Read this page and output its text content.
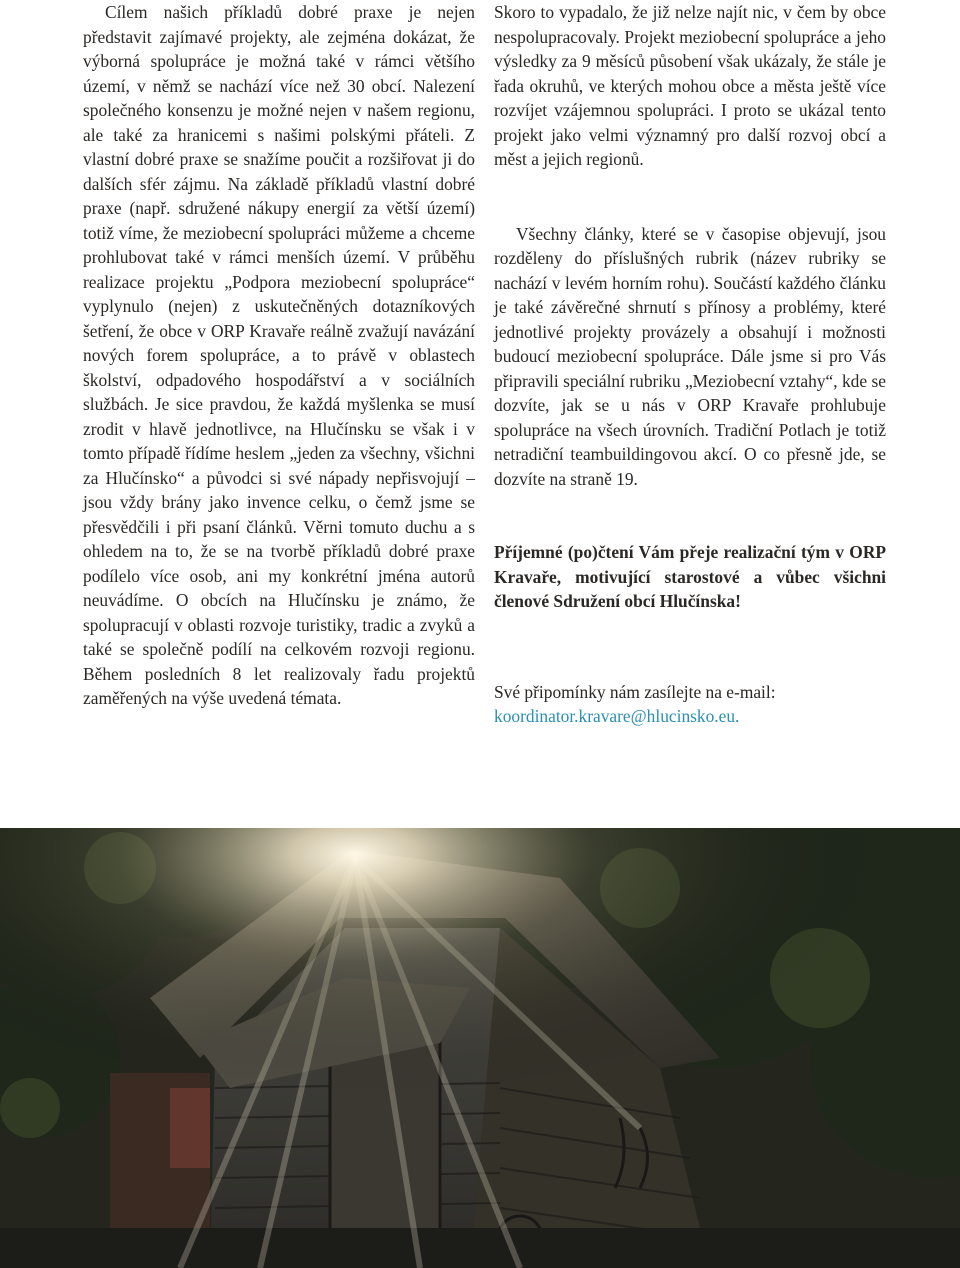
Cílem našich příkladů dobré praxe je nejen představit zajímavé projekty, ale zejména dokázat, že výborná spolupráce je možná také v rámci většího území, v němž se nachází více než 30 obcí. Nalezení společného konsenzu je možné nejen v našem regionu, ale také za hranicemi s našimi polskými přáteli. Z vlastní dobré praxe se snažíme poučit a rozšiřovat ji do dalších sfér zájmu. Na základě příkladů vlastní dobré praxe (např. sdružené nákupy energií za větší území) totiž víme, že meziobecní spolupráci můžeme a chceme prohlubovat také v rámci menších území. V průběhu realizace projektu „Podpora meziobecní spolupráce“ vyplynulo (nejen) z uskutečněných dotazníkových šetření, že obce v ORP Kravaře reálně zvažují navázání nových forem spolupráce, a to právě v oblastech školství, odpadového hospodářství a v sociálních službách. Je sice pravdou, že každá myšlenka se musí zrodit v hlavě jednotlivce, na Hlučínsku se však i v tomto případě řídíme heslem „jeden za všechny, všichni za Hlučínsko“ a původci si své nápady nepřisvojují – jsou vždy brány jako invence celku, o čemž jsme se přesvědčili i při psaní článků. Věrni tomuto duchu a s ohledem na to, že se na tvorbě příkladů dobré praxe podílelo více osob, ani my konkrétní jména autorů neuvádíme. O obcích na Hlučínsku je známo, že spolupracují v oblasti rozvoje turistiky, tradic a zvyků a také se společně podílí na celkovém rozvoji regionu. Během posledních 8 let realizovaly řadu projektů zaměřených na výše uvedená témata.

Skoro to vypadalo, že již nelze najít nic, v čem by obce nespolupracovaly. Projekt meziobecní spolupráce a jeho výsledky za 9 měsíců působení však ukázaly, že stále je řada okruhů, ve kterých mohou obce a města ještě více rozvíjet vzájemnou spolupráci. I proto se ukázal tento projekt jako velmi významný pro další rozvoj obcí a měst a jejich regionů.

Všechny články, které se v časopise objevují, jsou rozděleny do příslušných rubrik (název rubriky se nachází v levém horním rohu). Součástí každého článku je také závěrečné shrnutí s přínosy a problémy, které jednotlivé projekty provázely a obsahují i možnosti budoucí meziobecní spolupráce. Dále jsme si pro Vás připravili speciální rubriku „Meziobecní vztahy“, kde se dozvíte, jak se u nás v ORP Kravaře prohlubuje spolupráce na všech úrovních. Tradiční Potlach je totiž netradiční teambuildingovou akcí. O co přesně jde, se dozvíte na straně 19.

Příjemné (po)čtení Vám přeje realizační tým v ORP Kravaře, motivující starostové a vůbec všichni členové Sdružení obcí Hlučínska!

Své připomínky nám zasílejte na e-mail:

koordinator.kravare@hlucinsko.eu.
